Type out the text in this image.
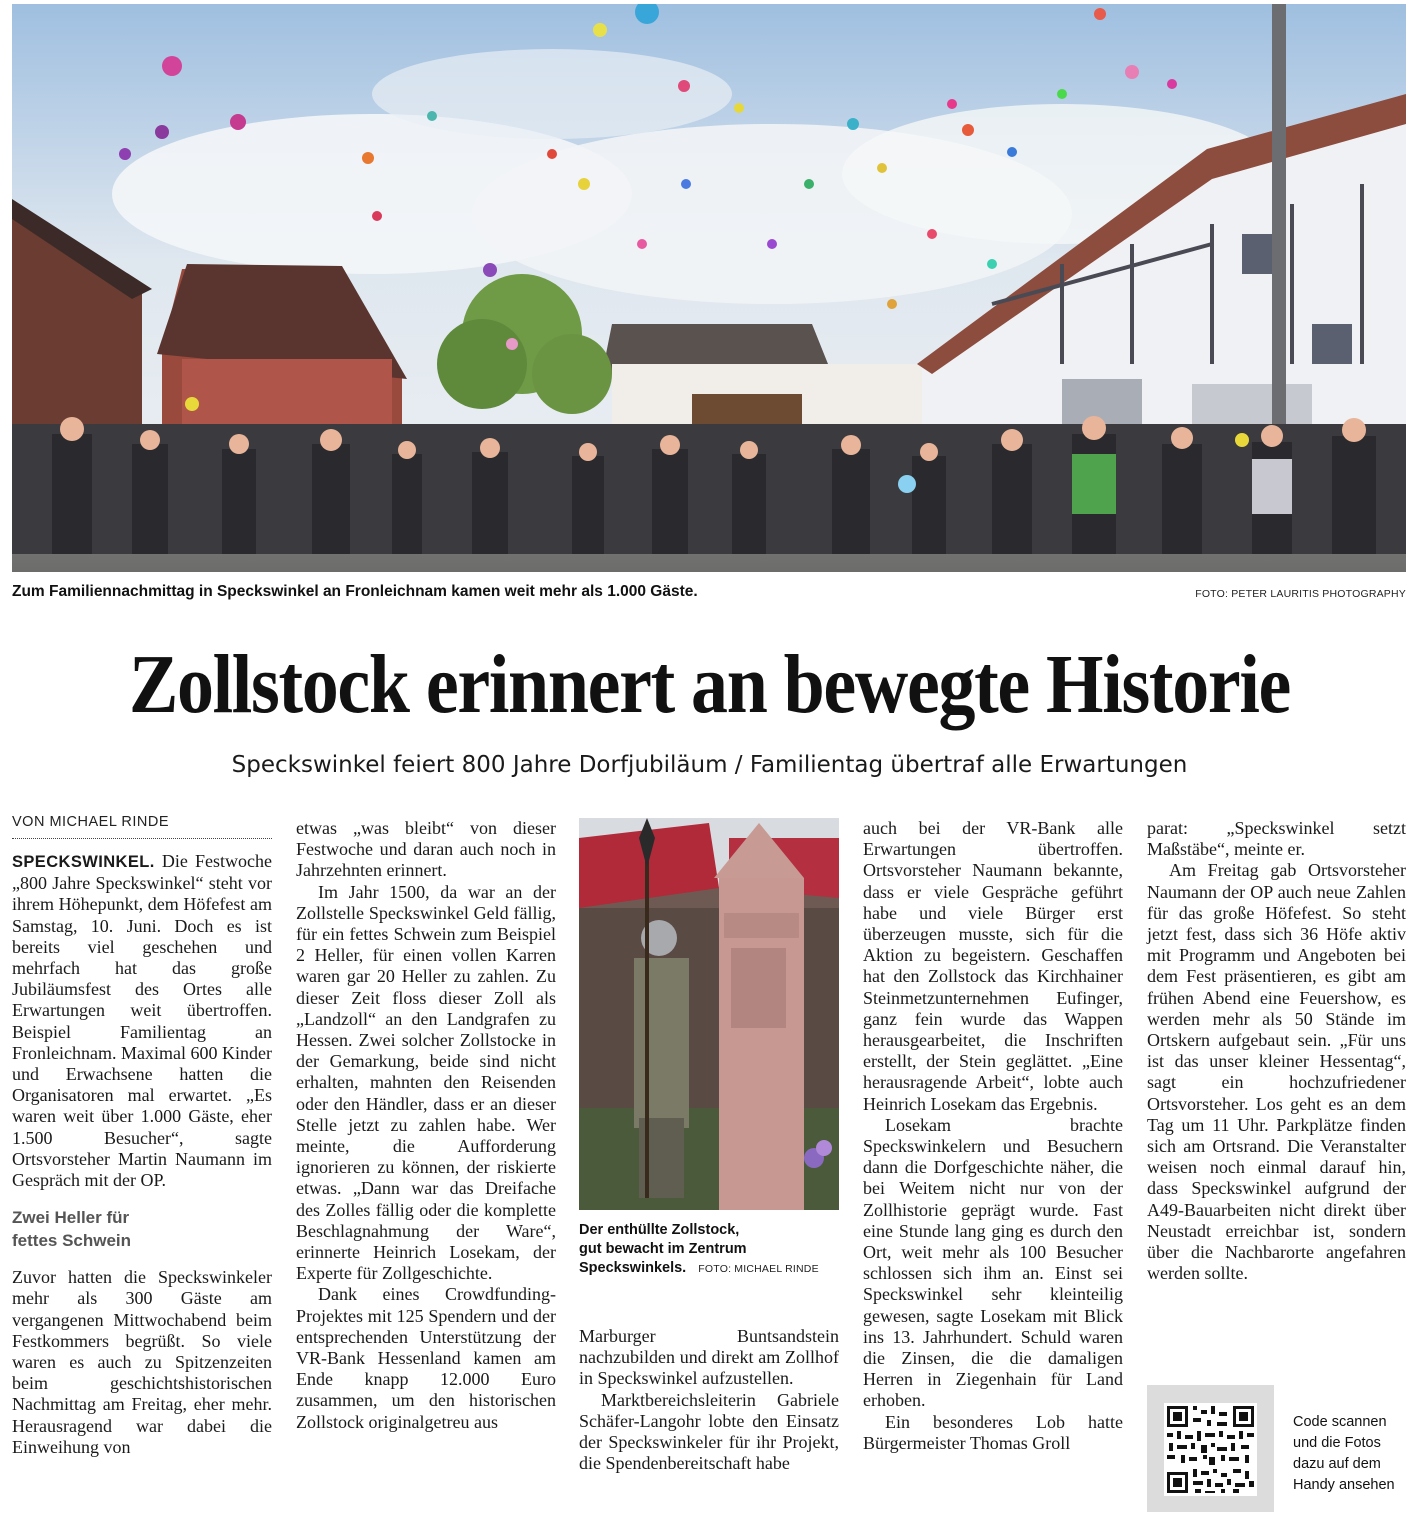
Zum Familiennachmittag in Speckswinkel an Fronleichnam kamen weit mehr als 1.000 Gäste.	FOTO: PETER LAURITIS PHOTOGRAPHY
Zollstock erinnert an bewegte Historie
Speckswinkel feiert 800 Jahre Dorfjubiläum / Familientag übertraf alle Erwartungen
VON MICHAEL RINDE

SPECKSWINKEL. Die Festwoche „800 Jahre Speckswinkel“ steht vor ihrem Höhepunkt, dem Höfefest am Samstag, 10. Juni. Doch es ist bereits viel geschehen und mehrfach hat das große Jubiläumsfest des Ortes alle Erwartungen weit übertroffen. Beispiel Familientag an Fronleichnam. Maximal 600 Kinder und Erwachsene hatten die Organisatoren mal erwartet. „Es waren weit über 1.000 Gäste, eher 1.500 Besucher“, sagte Ortsvorsteher Martin Naumann im Gespräch mit der OP.

Zwei Heller für
fettes Schwein

Zuvor hatten die Speckswinkeler mehr als 300 Gäste am vergangenen Mittwochabend beim Festkommers begrüßt. So viele waren es auch zu Spitzenzeiten beim geschichtshistorischen Nachmittag am Freitag, eher mehr. Herausragend war dabei die Einweihung von

etwas „was bleibt“ von dieser Festwoche und daran auch noch in Jahrzehnten erinnert.

Im Jahr 1500, da war an der Zollstelle Speckswinkel Geld fällig, für ein fettes Schwein zum Beispiel 2 Heller, für einen vollen Karren waren gar 20 Heller zu zahlen. Zu dieser Zeit floss dieser Zoll als „Landzoll“ an den Landgrafen zu Hessen. Zwei solcher Zollstocke in der Gemarkung, beide sind nicht erhalten, mahnten den Reisenden oder den Händler, dass er an dieser Stelle jetzt zu zahlen habe. Wer meinte, die Aufforderung ignorieren zu können, der riskierte etwas. „Dann war das Dreifache des Zolles fällig oder die komplette Beschlagnahmung der Ware“, erinnerte Heinrich Losekam, der Experte für Zollgeschichte.

Dank eines Crowdfunding-Projektes mit 125 Spendern und der entsprechenden Unterstützung der VR-Bank Hessenland kamen am Ende knapp 12.000 Euro zusammen, um den historischen Zollstock originalgetreu aus

Der enthüllte Zollstock,
gut bewacht im Zentrum
Speckswinkels. FOTO: MICHAEL RINDE

Marburger Buntsandstein nachzubilden und direkt am Zollhof in Speckswinkel aufzustellen.

Marktbereichsleiterin Gabriele Schäfer-Langohr lobte den Einsatz der Speckswinkeler für ihr Projekt, die Spendenbereitschaft habe

auch bei der VR-Bank alle Erwartungen übertroffen. Ortsvorsteher Naumann bekannte, dass er viele Gespräche geführt habe und viele Bürger erst überzeugen musste, sich für die Aktion zu begeistern. Geschaffen hat den Zollstock das Kirchhainer Steinmetzunternehmen Eufinger, ganz fein wurde das Wappen herausgearbeitet, die Inschriften erstellt, der Stein geglättet. „Eine herausragende Arbeit“, lobte auch Heinrich Losekam das Ergebnis.

Losekam brachte Speckswinkelern und Besuchern dann die Dorfgeschichte näher, die bei Weitem nicht nur von der Zollhistorie geprägt wurde. Fast eine Stunde lang ging es durch den Ort, weit mehr als 100 Besucher schlossen sich ihm an. Einst sei Speckswinkel sehr kleinteilig gewesen, sagte Losekam mit Blick ins 13. Jahrhundert. Schuld waren die Zinsen, die die damaligen Herren in Ziegenhain für Land erhoben.

Ein besonderes Lob hatte Bürgermeister Thomas Groll

parat: „Speckswinkel setzt Maßstäbe“, meinte er.

Am Freitag gab Ortsvorsteher Naumann der OP auch neue Zahlen für das große Höfefest. So steht jetzt fest, dass sich 36 Höfe aktiv mit Programm und Angeboten bei dem Fest präsentieren, es gibt am frühen Abend eine Feuershow, es werden mehr als 50 Stände im Ortskern aufgebaut sein. „Für uns ist das unser kleiner Hessentag“, sagt ein hochzufriedener Ortsvorsteher. Los geht es an dem Tag um 11 Uhr. Parkplätze finden sich am Ortsrand. Die Veranstalter weisen noch einmal darauf hin, dass Speckswinkel aufgrund der A49-Bauarbeiten nicht direkt über Neustadt erreichbar ist, sondern über die Nachbarorte angefahren werden sollte.

Code scannen
und die Fotos
dazu auf dem
Handy ansehen
